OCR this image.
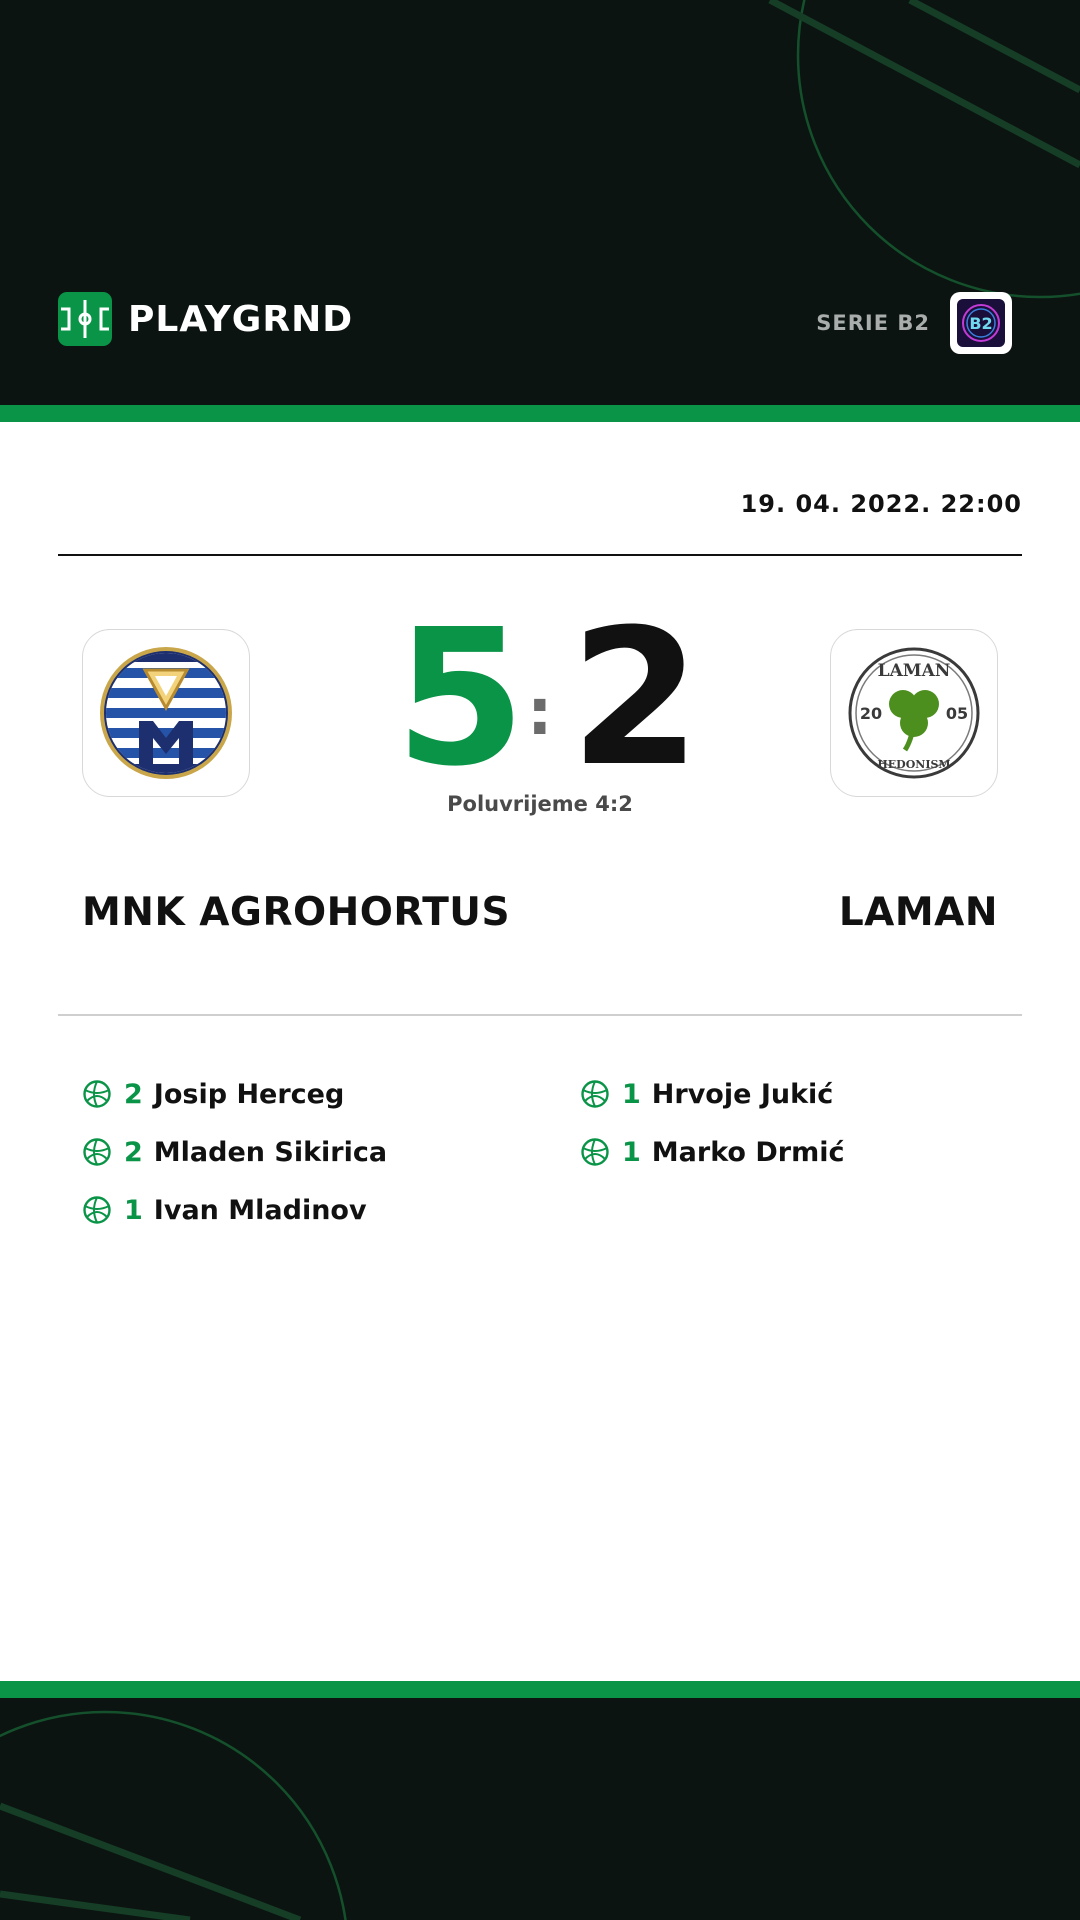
PLAYGRND	SERIE B2 B2
19. 04. 2022. 22:00
LAMAN
HEDONISM
20	05
5 : 2
Poluvrijeme 4:2
MNK AGROHORTUS	LAMAN
2 Josip Herceg
2 Mladen Sikirica
1 Ivan Mladinov
1 Hrvoje Jukić
1 Marko Drmić
